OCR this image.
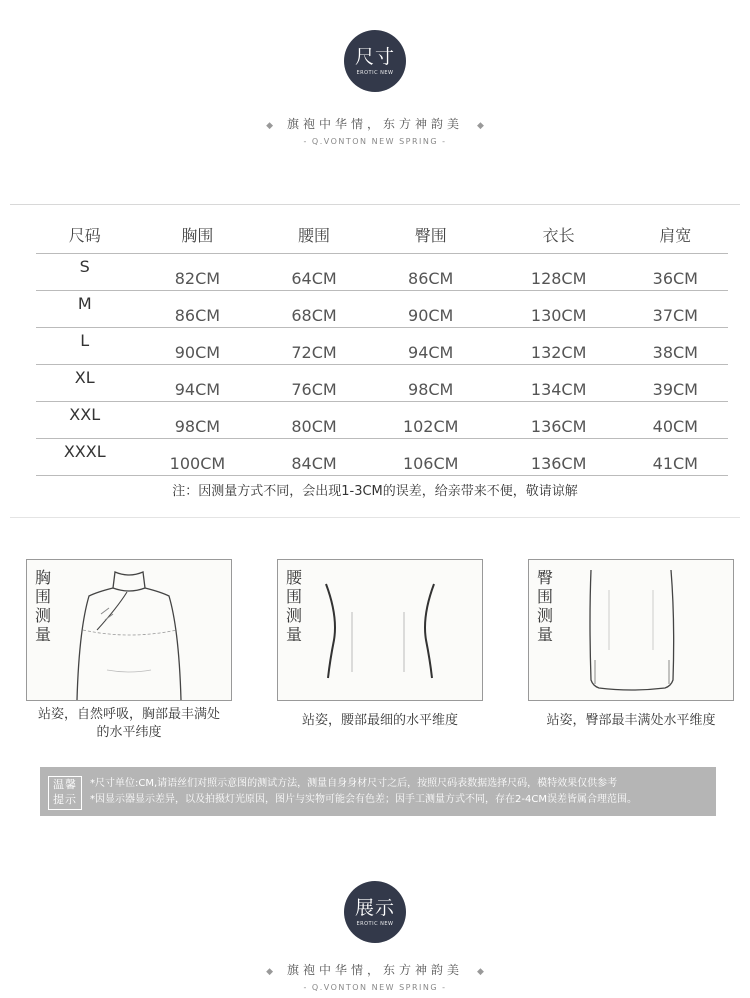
尺寸
EROTIC NEW
◆ 旗袍中华情，东方神韵美 ◆
- Q.VONTON NEW SPRING -
尺码	胸围	腰围	臀围	衣长	肩宽
S	82CM	64CM	86CM	128CM	36CM
M	86CM	68CM	90CM	130CM	37CM
L	90CM	72CM	94CM	132CM	38CM
XL	94CM	76CM	98CM	134CM	39CM
XXL	98CM	80CM	102CM	136CM	40CM
XXXL	100CM	84CM	106CM	136CM	41CM
注：因测量方式不同，会出现1-3CM的误差，给亲带来不便，敬请谅解
胸
围
测
量
站姿，自然呼吸，胸部最丰满处
的水平纬度
腰
围
测
量
站姿，腰部最细的水平维度
臀
围
测
量
站姿，臀部最丰满处水平维度
温馨
提示
*尺寸单位:CM,请语丝们对照示意图的测试方法，测量自身身材尺寸之后，按照尺码表数据选择尺码，模特效果仅供参考
*因显示器显示差异，以及拍摄灯光原因，图片与实物可能会有色差；因手工测量方式不同，存在2-4CM误差皆属合理范围。
展示
EROTIC NEW
◆ 旗袍中华情，东方神韵美 ◆
- Q.VONTON NEW SPRING -
